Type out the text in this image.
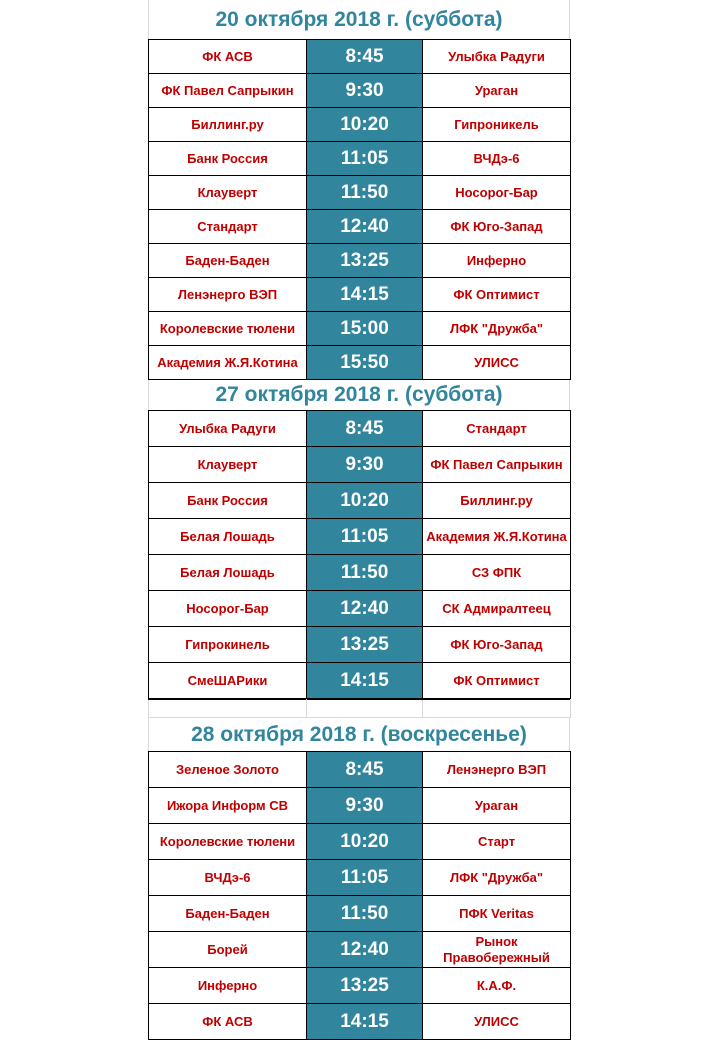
20 октября 2018 г. (суббота)
ФК АСВ	8:45	Улыбка Радуги
ФК Павел Сапрыкин	9:30	Ураган
Биллинг.ру	10:20	Гипроникель
Банк Россия	11:05	ВЧДэ-6
Клауверт	11:50	Носорог-Бар
Стандарт	12:40	ФК Юго-Запад
Баден-Баден	13:25	Инферно
Ленэнерго ВЭП	14:15	ФК Оптимист
Королевские тюлени	15:00	ЛФК "Дружба"
Академия Ж.Я.Котина	15:50	УЛИСС
27 октября 2018 г. (суббота)
Улыбка Радуги	8:45	Стандарт
Клауверт	9:30	ФК Павел Сапрыкин
Банк Россия	10:20	Биллинг.ру
Белая Лошадь	11:05	Академия Ж.Я.Котина
Белая Лошадь	11:50	СЗ ФПК
Носорог-Бар	12:40	СК Адмиралтеец
Гипрокинель	13:25	ФК Юго-Запад
СмеШАРики	14:15	ФК Оптимист

28 октября 2018 г. (воскресенье)
Зеленое Золото	8:45	Ленэнерго ВЭП
Ижора Информ СВ	9:30	Ураган
Королевские тюлени	10:20	Старт
ВЧДэ-6	11:05	ЛФК "Дружба"
Баден-Баден	11:50	ПФК Veritas
Борей	12:40	Рынок Правобережный
Инферно	13:25	К.А.Ф.
ФК АСВ	14:15	УЛИСС
